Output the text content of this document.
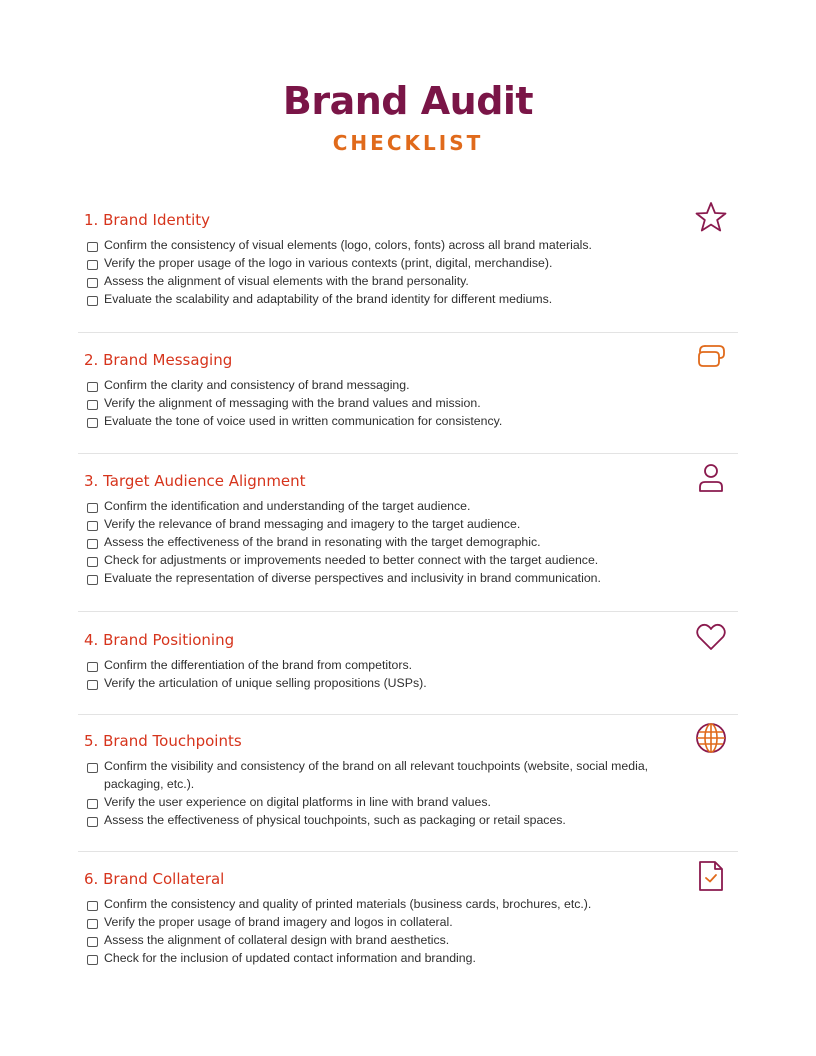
Brand Audit
CHECKLIST
1. Brand Identity
Confirm the consistency of visual elements (logo, colors, fonts) across all brand materials.
Verify the proper usage of the logo in various contexts (print, digital, merchandise).
Assess the alignment of visual elements with the brand personality.
Evaluate the scalability and adaptability of the brand identity for different mediums.
2. Brand Messaging
Confirm the clarity and consistency of brand messaging.
Verify the alignment of messaging with the brand values and mission.
Evaluate the tone of voice used in written communication for consistency.
3. Target Audience Alignment
Confirm the identification and understanding of the target audience.
Verify the relevance of brand messaging and imagery to the target audience.
Assess the effectiveness of the brand in resonating with the target demographic.
Check for adjustments or improvements needed to better connect with the target audience.
Evaluate the representation of diverse perspectives and inclusivity in brand communication.
4. Brand Positioning
Confirm the differentiation of the brand from competitors.
Verify the articulation of unique selling propositions (USPs).
5. Brand Touchpoints
Confirm the visibility and consistency of the brand on all relevant touchpoints (website, social media, packaging, etc.).
Verify the user experience on digital platforms in line with brand values.
Assess the effectiveness of physical touchpoints, such as packaging or retail spaces.
6. Brand Collateral
Confirm the consistency and quality of printed materials (business cards, brochures, etc.).
Verify the proper usage of brand imagery and logos in collateral.
Assess the alignment of collateral design with brand aesthetics.
Check for the inclusion of updated contact information and branding.
